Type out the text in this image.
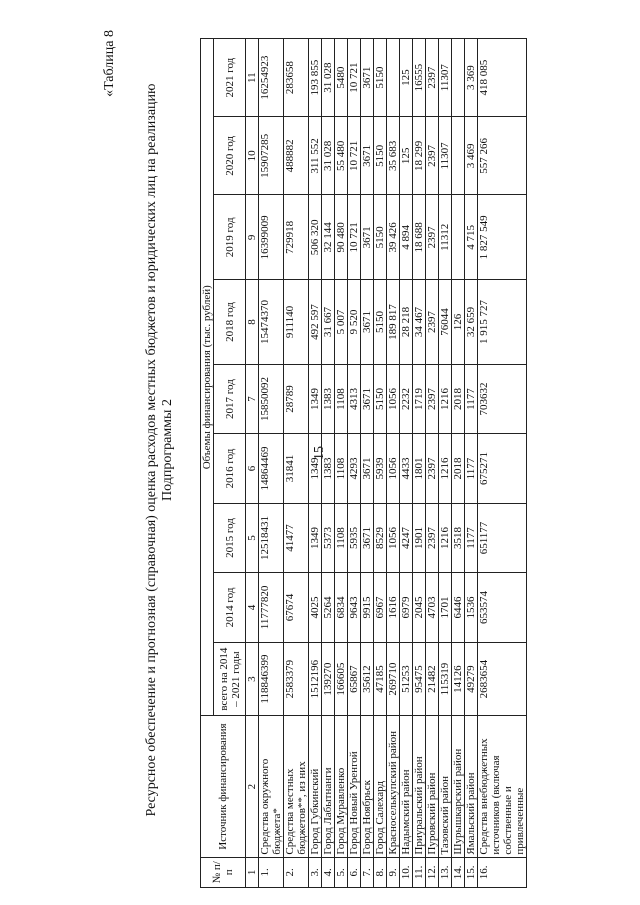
15
«Таблица 8
Ресурсное обеспечение и прогнозная (справочная) оценка расходов местных бюджетов и юридических лиц на реализацию Подпрограммы 2
№ п/п	Источник финансирования	Объемы финансирования (тыс. рублей)								
		всего на 2014 – 2021 годы	2014 год	2015 год	2016 год	2017 год	2018 год	2019 год	2020 год	2021 год
1	2	3	4	5	6	7	8	9	10	11
1.	Средства окружного бюджета*	118846399	11777820	12518431	14864469	15850092	15474370	16399009	15907285	16254923
2.	Средства местных бюджетов**, из них	2583379	67674	41477	31841	28789	911140	729918	488882	283658
3.	Город Губкинский	1512196	4025	1349	1349	1349	492 597	506 320	311 552	193 855
4.	Город Лабытнанги	139270	5264	5373	1383	1383	31 667	32 144	31 028	31 028
5.	Город Муравленко	166605	6834	1108	1108	1108	5 007	90 480	55 480	5480
6.	Город Новый Уренгой	65867	9643	5935	4293	4313	9 520	10 721	10 721	10 721
7.	Город Ноябрьск	35612	9915	3671	3671	3671	3671	3671	3671	3671
8.	Город Салехард	47185	6967	8529	5939	5150	5150	5150	5150	5150
9.	Красноселькупский район	269710	1616	1056	1056	1056	189 817	39 426	35 683	
10.	Надымский район	51253	6979	4247	4433	2232	28 218	4 894	125	125
11.	Приуральский район	95475	2045	1901	1801	1719	34 467	18 688	18 299	16555
12.	Пуровский район	21482	4703	2397	2397	2397	2397	2397	2397	2397
13.	Тазовский район	115319	1701	1216	1216	1216	76044	11312	11307	11307
14.	Шурышкарский район	14126	6446	3518	2018	2018	126			
15.	Ямальский район	49279	1536	1177	1177	1177	32 659	4 715	3 469	3 369
16.	Средства внебюджетных источников (включая собственные и привлеченные	2683654	653574	651177	675271	703632	1 915 727	1 827 549	557 266	418 085
